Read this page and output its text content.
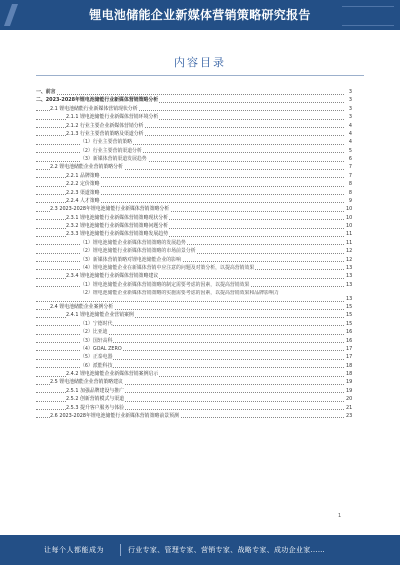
锂电池储能企业新媒体营销策略研究报告
内容目录
一、前言	3
二、2023-2028年锂电池储能行业新媒体营销策略分析	3
2.1 锂电池储能行业新媒体营销现状分析	3
2.1.1 锂电池储能行业新媒体营销环境分析	3
2.1.2 行业主要企业新媒体营销分析	4
2.1.3 行业主要营销策略及渠道分析	4
（1）行业主要营销策略	4
（2）行业主要营销渠道分析	5
（3）新媒体营销渠道发展趋势	6
2.2 锂电池储能企业营销策略分析	7
2.2.1 品牌策略	7
2.2.2 定价策略	8
2.2.3 渠道策略	8
2.2.4 人才策略	9
2.3 2023-2028年锂电池储能行业新媒体营销策略分析	10
2.3.1 锂电池储能行业新媒体营销策略现状分析	10
2.3.2 锂电池储能行业新媒体营销策略问题分析	10
2.3.3 锂电池储能行业新媒体营销策略发展趋势	11
（1）锂电池储能企业新媒体营销策略的发展趋势	11
（2）锂电池储能行业新媒体营销策略的市场前景分析	12
（3）新媒体营销策略对锂电池储能企业的影响	12
（4）锂电池储能企业在新媒体营销中应注意的问题及对策分析，以提高营销效果	13
2.3.4 锂电池储能行业新媒体营销策略建议	13
（1）锂电池储能企业新媒体营销策略的制定需要考虑的因素，以提高营销效果	13
（2）锂电池储能企业新媒体营销策略的实施需要考虑的因素，以提高营销效果和品牌影响力
13
2.4 锂电池储能企业案例分析	15
2.4.1 锂电池储能企业营销案例	15
（1）宁德时代	15
（2）比亚迪	16
（3）国轩高科	16
（4）GOAL ZERO	17
（5）正泰电器	17
（6）派能科技	18
2.4.2 锂电池储能企业新媒体营销案例启示	18
2.5 锂电池储能企业营销策略建议	19
2.5.1 加强品牌建设与推广	19
2.5.2 创新营销模式与渠道	20
2.5.3 提升客户服务与体验	21
2.6 2023-2028年锂电池储能行业新媒体营销策略前景预测	23
1
让每个人都能成为	行业专家、管理专家、营销专家、战略专家、成功企业家……
